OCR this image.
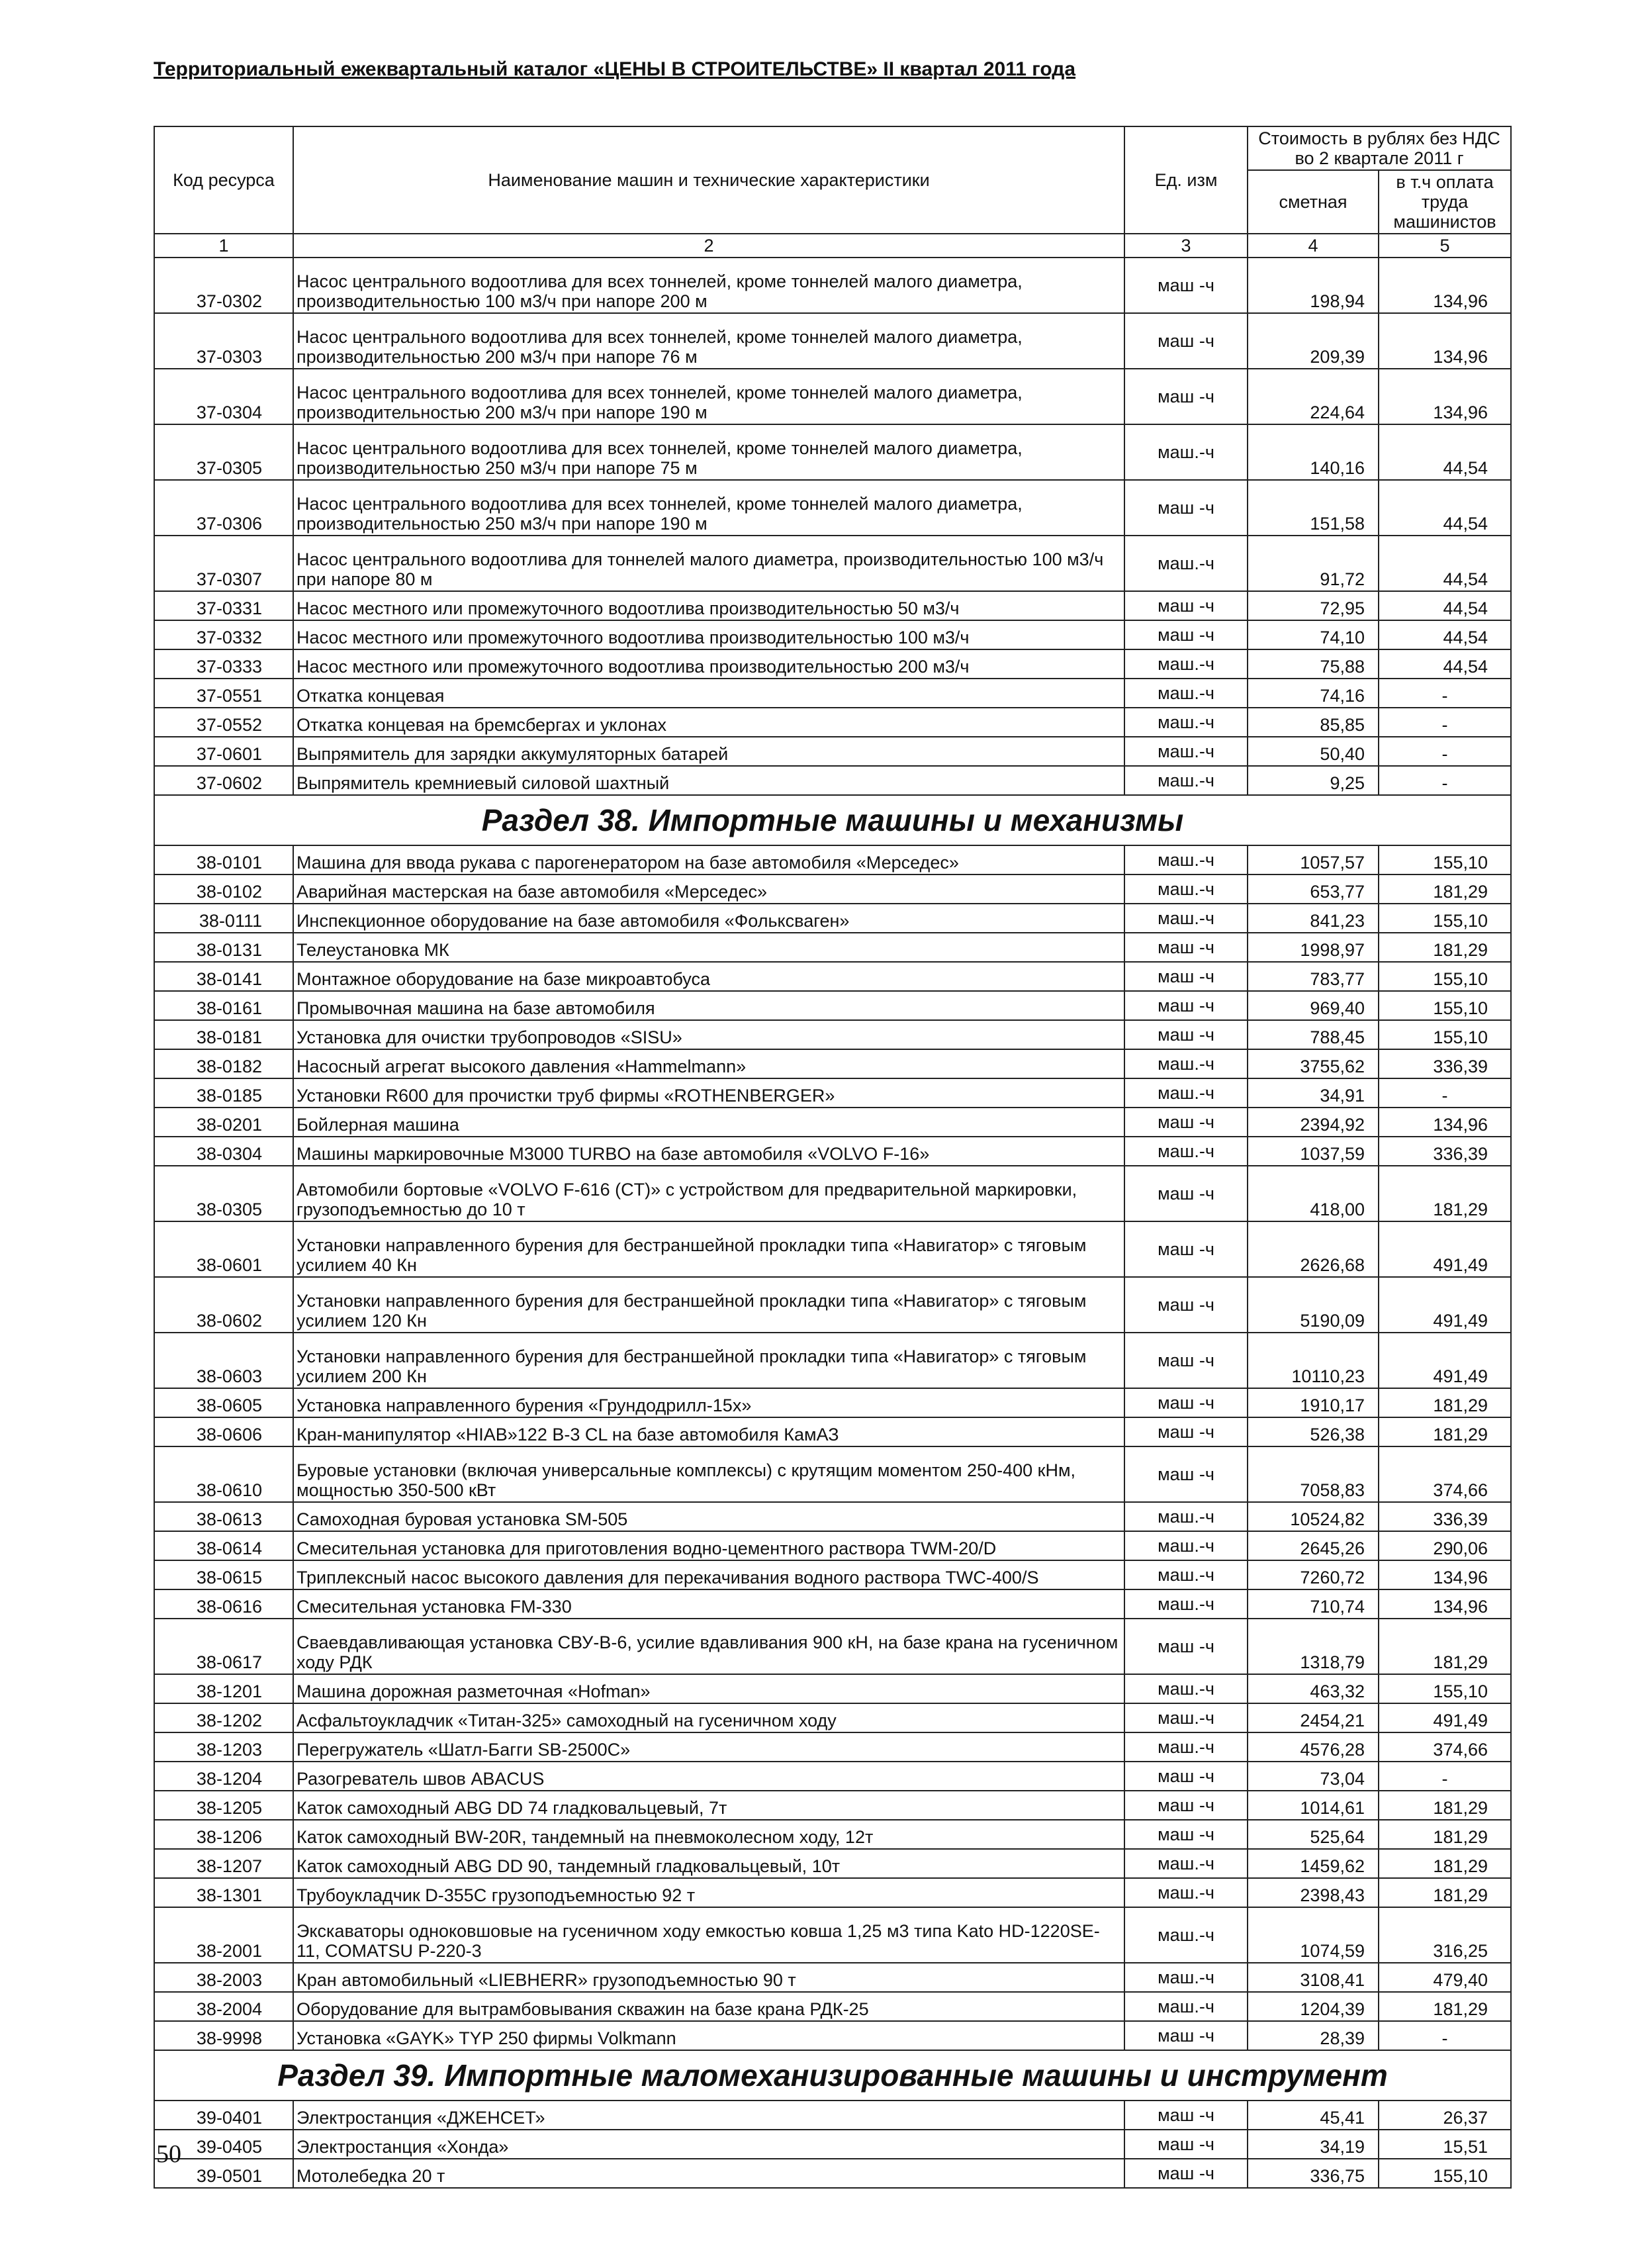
Территориальный ежеквартальный каталог «ЦЕНЫ В СТРОИТЕЛЬСТВЕ» II квартал 2011 года
Код ресурса	Наименование машин и технические характеристики	Ед. изм	Стоимость в рублях без НДС во 2 квартале 2011 г	
			сметная	в т.ч оплата труда машинистов
1	2	3	4	5
37-0302	Насос центрального водоотлива для всех тоннелей, кроме тоннелей малого диаметра, производительностью 100 м3/ч при напоре 200 м	маш -ч	198,94	134,96
37-0303	Насос центрального водоотлива для всех тоннелей, кроме тоннелей малого диаметра, производительностью 200 м3/ч при напоре 76 м	маш -ч	209,39	134,96
37-0304	Насос центрального водоотлива для всех тоннелей, кроме тоннелей малого диаметра, производительностью 200 м3/ч при напоре 190 м	маш -ч	224,64	134,96
37-0305	Насос центрального водоотлива для всех тоннелей, кроме тоннелей малого диаметра, производительностью 250 м3/ч при напоре 75 м	маш.-ч	140,16	44,54
37-0306	Насос центрального водоотлива для всех тоннелей, кроме тоннелей малого диаметра, производительностью 250 м3/ч при напоре 190 м	маш -ч	151,58	44,54
37-0307	Насос центрального водоотлива для тоннелей малого диаметра, производительностью 100 м3/ч при напоре 80 м	маш.-ч	91,72	44,54
37-0331	Насос местного или промежуточного водоотлива производительностью 50 м3/ч	маш -ч	72,95	44,54
37-0332	Насос местного или промежуточного водоотлива производительностью 100 м3/ч	маш -ч	74,10	44,54
37-0333	Насос местного или промежуточного водоотлива производительностью 200 м3/ч	маш.-ч	75,88	44,54
37-0551	Откатка концевая	маш.-ч	74,16	-
37-0552	Откатка концевая на бремсбергах и уклонах	маш.-ч	85,85	-
37-0601	Выпрямитель для зарядки аккумуляторных батарей	маш.-ч	50,40	-
37-0602	Выпрямитель кремниевый силовой шахтный	маш.-ч	9,25	-
Раздел 38. Импортные машины и механизмы				
38-0101	Машина для ввода рукава с парогенератором на базе автомобиля «Мерседес»	маш.-ч	1057,57	155,10
38-0102	Аварийная мастерская на базе автомобиля «Мерседес»	маш.-ч	653,77	181,29
38-0111	Инспекционное оборудование на базе автомобиля «Фольксваген»	маш.-ч	841,23	155,10
38-0131	Телеустановка МК	маш -ч	1998,97	181,29
38-0141	Монтажное оборудование на базе микроавтобуса	маш -ч	783,77	155,10
38-0161	Промывочная машина на базе автомобиля	маш -ч	969,40	155,10
38-0181	Установка для очистки трубопроводов «SISU»	маш -ч	788,45	155,10
38-0182	Насосный агрегат высокого давления «Hammelmann»	маш.-ч	3755,62	336,39
38-0185	Установки R600 для прочистки труб фирмы «ROTHENBERGER»	маш.-ч	34,91	-
38-0201	Бойлерная машина	маш -ч	2394,92	134,96
38-0304	Машины маркировочные M3000 TURBO на базе автомобиля «VOLVO F-16»	маш.-ч	1037,59	336,39
38-0305	Автомобили бортовые «VOLVO F-616 (CT)» с устройством для предварительной маркировки, грузоподъемностью до 10 т	маш -ч	418,00	181,29
38-0601	Установки направленного бурения для бестраншейной прокладки типа «Навигатор» с тяговым усилием 40 Кн	маш -ч	2626,68	491,49
38-0602	Установки направленного бурения для бестраншейной прокладки типа «Навигатор» с тяговым усилием 120 Кн	маш -ч	5190,09	491,49
38-0603	Установки направленного бурения для бестраншейной прокладки типа «Навигатор» с тяговым усилием 200 Кн	маш -ч	10110,23	491,49
38-0605	Установка направленного бурения «Грундодрилл-15х»	маш -ч	1910,17	181,29
38-0606	Кран-манипулятор «HIAB»122 B-3 CL на базе автомобиля КамАЗ	маш -ч	526,38	181,29
38-0610	Буровые установки (включая универсальные комплексы) с крутящим моментом 250-400 кНм, мощностью 350-500 кВт	маш -ч	7058,83	374,66
38-0613	Самоходная буровая установка SM-505	маш.-ч	10524,82	336,39
38-0614	Смесительная установка для приготовления водно-цементного раствора TWM-20/D	маш.-ч	2645,26	290,06
38-0615	Триплексный насос высокого давления для перекачивания водного раствора TWC-400/S	маш.-ч	7260,72	134,96
38-0616	Смесительная установка FM-330	маш.-ч	710,74	134,96
38-0617	Сваевдавливающая установка СВУ-В-6, усилие вдавливания 900 кН, на базе крана на гусеничном ходу РДК	маш -ч	1318,79	181,29
38-1201	Машина дорожная разметочная «Hofman»	маш.-ч	463,32	155,10
38-1202	Асфальтоукладчик «Титан-325» самоходный на гусеничном ходу	маш.-ч	2454,21	491,49
38-1203	Перегружатель «Шатл-Багги SB-2500С»	маш.-ч	4576,28	374,66
38-1204	Разогреватель швов ABACUS	маш -ч	73,04	-
38-1205	Каток самоходный ABG DD 74 гладковальцевый, 7т	маш -ч	1014,61	181,29
38-1206	Каток самоходный BW-20R, тандемный на пневмоколесном ходу, 12т	маш -ч	525,64	181,29
38-1207	Каток самоходный ABG DD 90, тандемный гладковальцевый, 10т	маш.-ч	1459,62	181,29
38-1301	Трубоукладчик D-355C грузоподъемностью 92 т	маш.-ч	2398,43	181,29
38-2001	Экскаваторы одноковшовые на гусеничном ходу емкостью ковша 1,25 м3 типа Kato HD-1220SE-11, COMATSU P-220-3	маш.-ч	1074,59	316,25
38-2003	Кран автомобильный «LIEBHERR» грузоподъемностью 90 т	маш.-ч	3108,41	479,40
38-2004	Оборудование для вытрамбовывания скважин на базе крана РДК-25	маш.-ч	1204,39	181,29
38-9998	Установка «GAYK» TYP 250 фирмы Volkmann	маш -ч	28,39	-
Раздел 39. Импортные маломеханизированные машины и инструмент				
39-0401	Электростанция «ДЖЕНСЕТ»	маш -ч	45,41	26,37
39-0405	Электростанция «Хонда»	маш -ч	34,19	15,51
39-0501	Мотолебедка 20 т	маш -ч	336,75	155,10
50
